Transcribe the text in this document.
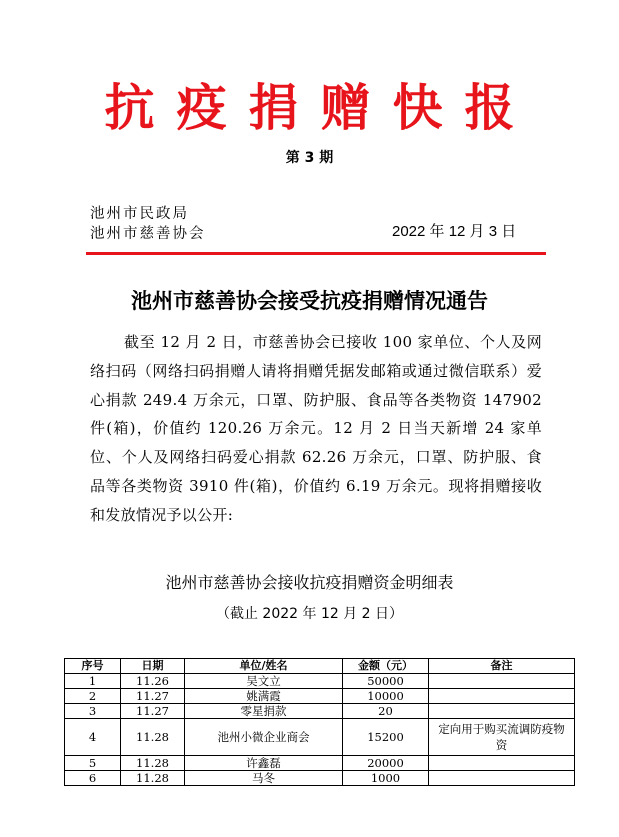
抗疫捐赠快报
第 3 期
池州市民政局
池州市慈善协会	2022 年 12 月 3 日
池州市慈善协会接受抗疫捐赠情况通告
截至 12 月 2 日，市慈善协会已接收 100 家单位、个人及网络扫码（网络扫码捐赠人请将捐赠凭据发邮箱或通过微信联系）爱心捐款 249.4 万余元，口罩、防护服、食品等各类物资 147902 件(箱)，价值约 120.26 万余元。12 月 2 日当天新增 24 家单位、个人及网络扫码爱心捐款 62.26 万余元，口罩、防护服、食品等各类物资 3910 件(箱)，价值约 6.19 万余元。现将捐赠接收和发放情况予以公开:
池州市慈善协会接收抗疫捐赠资金明细表
（截止 2022 年 12 月 2 日）
序号	日期	单位/姓名	金额（元）	备注
1	11.26	吴文立	50000	
2	11.27	姚满霞	10000	
3	11.27	零星捐款	20	
4	11.28	池州小微企业商会	15200	定向用于购买流调防疫物资
5	11.28	许鑫磊	20000	
6	11.28	马冬	1000	
